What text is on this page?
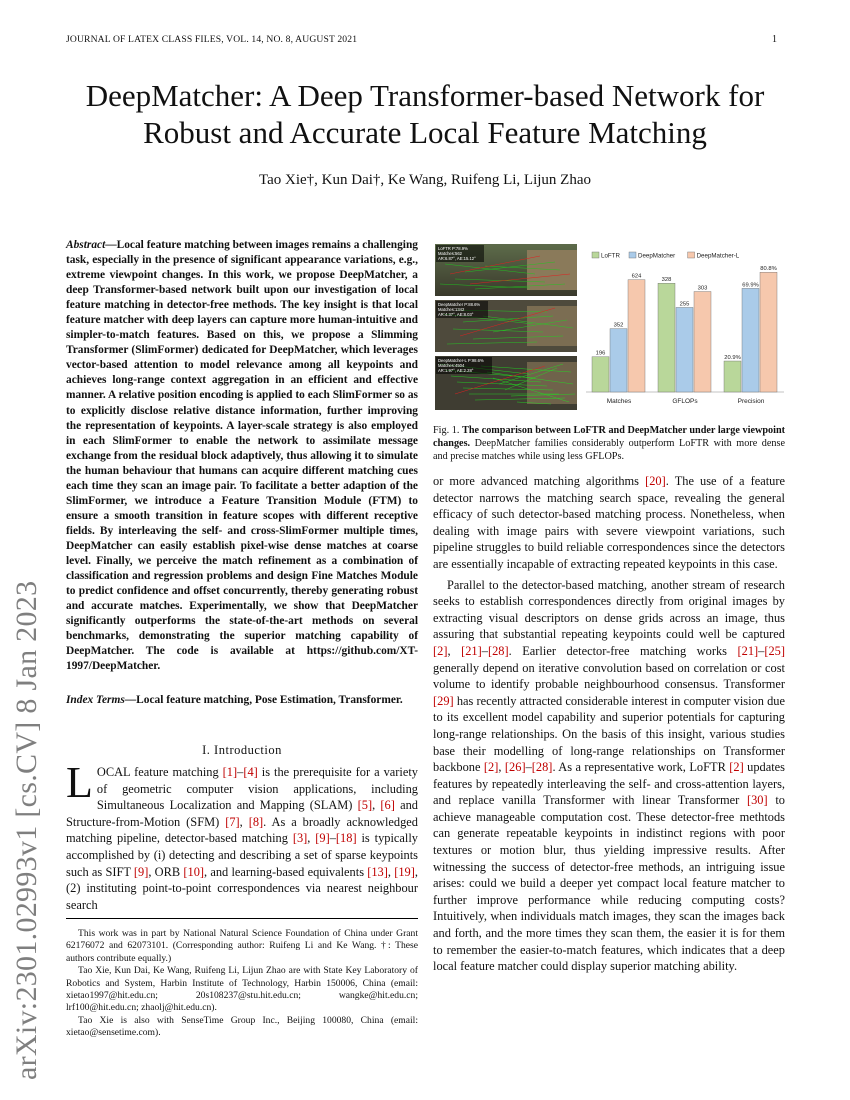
JOURNAL OF LATEX CLASS FILES, VOL. 14, NO. 8, AUGUST 2021	1
arXiv:2301.02993v1 [cs.CV] 8 Jan 2023
DeepMatcher: A Deep Transformer-based Network for Robust and Accurate Local Feature Matching
Tao Xie†, Kun Dai†, Ke Wang, Ruifeng Li, Lijun Zhao
Abstract—Local feature matching between images remains a challenging task, especially in the presence of significant appearance variations, e.g., extreme viewpoint changes. In this work, we propose DeepMatcher, a deep Transformer-based network built upon our investigation of local feature matching in detector-free methods. The key insight is that local feature matcher with deep layers can capture more human-intuitive and simpler-to-match features. Based on this, we propose a Slimming Transformer (SlimFormer) dedicated for DeepMatcher, which leverages vector-based attention to model relevance among all keypoints and achieves long-range context aggregation in an efficient and effective manner. A relative position encoding is applied to each SlimFormer so as to explicitly disclose relative distance information, further improving the representation of keypoints. A layer-scale strategy is also employed in each SlimFormer to enable the network to assimilate message exchange from the residual block adaptively, thus allowing it to simulate the human behaviour that humans can acquire different matching cues each time they scan an image pair. To facilitate a better adaption of the SlimFormer, we introduce a Feature Transition Module (FTM) to ensure a smooth transition in feature scopes with different receptive fields. By interleaving the self- and cross-SlimFormer multiple times, DeepMatcher can easily establish pixel-wise dense matches at coarse level. Finally, we perceive the match refinement as a combination of classification and regression problems and design Fine Matches Module to predict confidence and offset concurrently, thereby generating robust and accurate matches. Experimentally, we show that DeepMatcher significantly outperforms the state-of-the-art methods on several benchmarks, demonstrating the superior matching capability of DeepMatcher. The code is available at https://github.com/XT-1997/DeepMatcher.
Index Terms—Local feature matching, Pose Estimation, Transformer.
I. Introduction
LOCAL feature matching [1]–[4] is the prerequisite for a variety of geometric computer vision applications, including Simultaneous Localization and Mapping (SLAM) [5], [6] and Structure-from-Motion (SFM) [7], [8]. As a broadly acknowledged matching pipeline, detector-based matching [3], [9]–[18] is typically accomplished by (i) detecting and describing a set of sparse keypoints such as SIFT [9], ORB [10], and learning-based equivalents [13], [19], (2) instituting point-to-point correspondences via nearest neighbour search

This work was in part by National Natural Science Foundation of China under Grant 62176072 and 62073101. (Corresponding author: Ruifeng Li and Ke Wang. †: These authors contribute equally.)

Tao Xie, Kun Dai, Ke Wang, Ruifeng Li, Lijun Zhao are with State Key Laboratory of Robotics and System, Harbin Institute of Technology, Harbin 150006, China (email: xietao1997@hit.edu.cn; 20s108237@stu.hit.edu.cn; wangke@hit.edu.cn; lrf100@hit.edu.cn; zhaolj@hit.edu.cn).

Tao Xie is also with SenseTime Group Inc., Beijing 100080, China (email: xietao@sensetime.com).

LoFTR P:78.9%
Matches:562
AR:6.87°, AE:15.12°
DeepMatcher P:88.6%
Matches:1342
AR:4.37°, AE:8.03°
DeepMatcher-L P:98.6%
Matches:4504
AR:1.97°, AE:2.28°
LoFTR	DeepMatcher	DeepMatcher-L
196
352
624
Matches
328
255
303
GFLOPs
20.9%
69.9%
80.8%
Precision
Fig. 1. The comparison between LoFTR and DeepMatcher under large viewpoint changes. DeepMatcher families considerably outperform LoFTR with more dense and precise matches while using less GFLOPs.

or more advanced matching algorithms [20]. The use of a feature detector narrows the matching search space, revealing the general efficacy of such detector-based matching process. Nonetheless, when dealing with image pairs with severe viewpoint variations, such pipeline struggles to build reliable correspondences since the detectors are essentially incapable of extracting repeated keypoints in this case.

Parallel to the detector-based matching, another stream of research seeks to establish correspondences directly from original images by extracting visual descriptors on dense grids across an image, thus assuring that substantial repeating keypoints could well be captured [2], [21]–[28]. Earlier detector-free matching works [21]–[25] generally depend on iterative convolution based on correlation or cost volume to identify probable neighbourhood consensus. Transformer [29] has recently attracted considerable interest in computer vision due to its excellent model capability and superior potentials for capturing long-range relationships. On the basis of this insight, various studies base their modelling of long-range relationships on Transformer backbone [2], [26]–[28]. As a representative work, LoFTR [2] updates features by repeatedly interleaving the self- and cross-attention layers, and replace vanilla Transformer with linear Transformer [30] to achieve manageable computation cost. These detector-free methtods can generate repeatable keypoints in indistinct regions with poor textures or motion blur, thus yielding impressive results. After witnessing the success of detector-free methods, an intriguing issue arises: could we build a deeper yet compact local feature matcher to further improve performance while reducing computing costs? Intuitively, when individuals match images, they scan the images back and forth, and the more times they scan them, the easier it is for them to remember the easier-to-match features, which indicates that a deep local feature matcher could display superior matching ability.
